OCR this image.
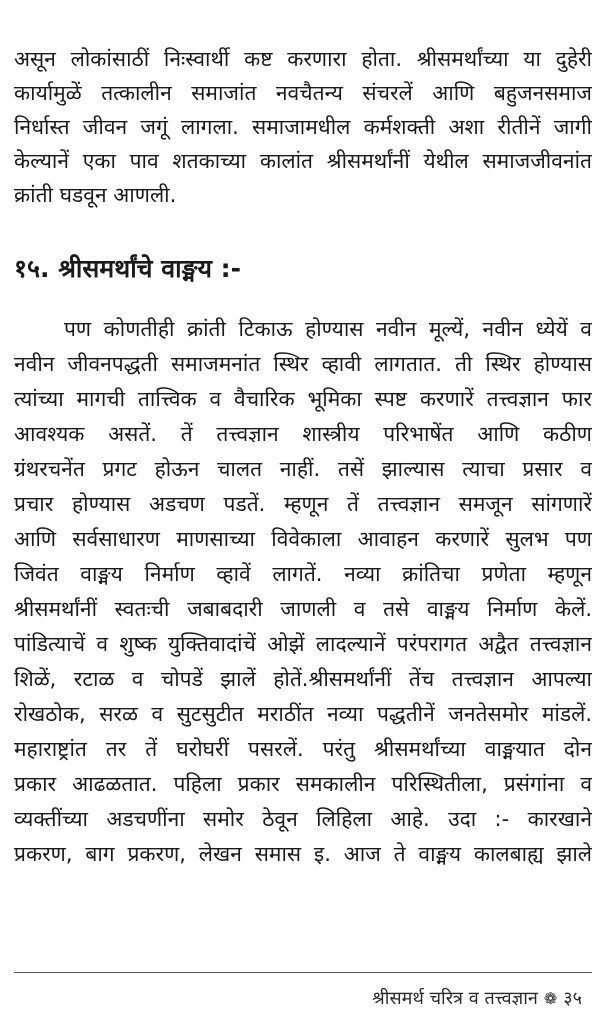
असून लोकांसाठीं निःस्वार्थी कष्ट करणारा होता. श्रीसमर्थांच्या या दुहेरी
कार्यामुळें तत्कालीन समाजांत नवचैतन्य संचरलें आणि बहुजनसमाज
निर्धास्त जीवन जगूं लागला. समाजामधील कर्मशक्ती अशा रीतीनें जागी
केल्यानें एका पाव शतकाच्या कालांत श्रीसमर्थांनीं येथील समाजजीवनांत
क्रांती घडवून आणली.
१५. श्रीसमर्थांचे वाङ्मय :-
पण कोणतीही क्रांती टिकाऊ होण्यास नवीन मूल्यें, नवीन ध्येयें व
नवीन जीवनपद्धती समाजमनांत स्थिर व्हावी लागतात. ती स्थिर होण्यास
त्यांच्या मागची तात्त्विक व वैचारिक भूमिका स्पष्ट करणारें तत्त्वज्ञान फार
आवश्यक असतें. तें तत्त्वज्ञान शास्त्रीय परिभाषेंत आणि कठीण
ग्रंथरचनेंत प्रगट होऊन चालत नाहीं. तसें झाल्यास त्याचा प्रसार व
प्रचार होण्यास अडचण पडतें. म्हणून तें तत्त्वज्ञान समजून सांगणारें
आणि सर्वसाधारण माणसाच्या विवेकाला आवाहन करणारें सुलभ पण
जिवंत वाङ्मय निर्माण व्हावें लागतें. नव्या क्रांतिचा प्रणेता म्हणून
श्रीसमर्थांनीं स्वतःची जबाबदारी जाणली व तसे वाङ्मय निर्माण केलें.
पांडित्याचें व शुष्क युक्तिवादांचें ओझें लादल्यानें परंपरागत अद्वैत तत्त्वज्ञान
शिळें, रटाळ व चोपडें झालें होतें.श्रीसमर्थांनीं तेंच तत्त्वज्ञान आपल्या
रोखठोक, सरळ व सुटसुटीत मराठींत नव्या पद्धतीनें जनतेसमोर मांडलें.
महाराष्ट्रांत तर तें घरोघरीं पसरलें. परंतु श्रीसमर्थांच्या वाङ्मयात दोन
प्रकार आढळतात. पहिला प्रकार समकालीन परिस्थितीला, प्रसंगांना व
व्यक्तींच्या अडचणींना समोर ठेवून लिहिला आहे. उदा :- कारखाने
प्रकरण, बाग प्रकरण, लेखन समास इ. आज ते वाङ्मय कालबाह्य झाले
श्रीसमर्थ चरित्र व तत्त्वज्ञान ❁ ३५
